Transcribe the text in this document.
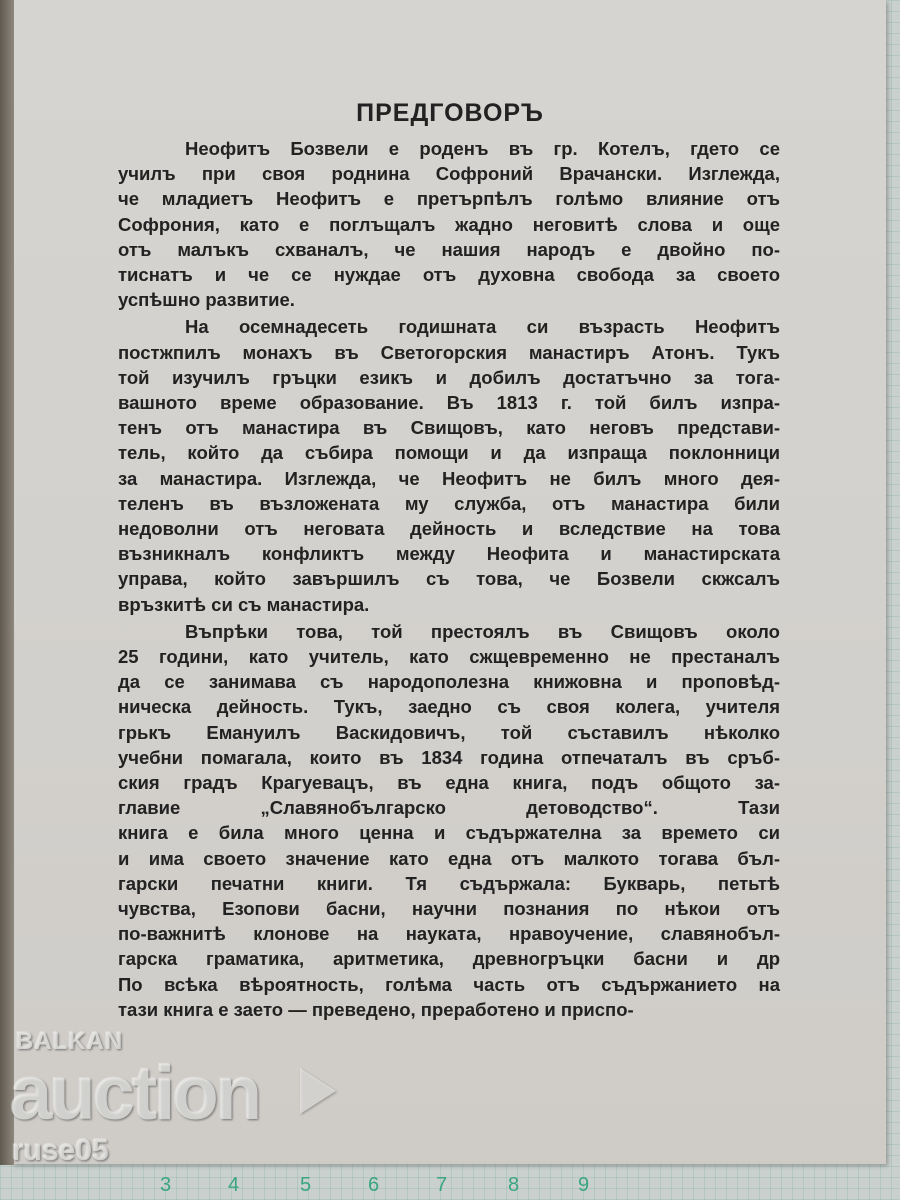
ПРЕДГОВОРЪ
Неофитъ Бозвели е роденъ въ гр. Котелъ, гдето се
училъ при своя роднина Софроний Врачански. Изглежда,
че младиетъ Неофитъ е претърпѣлъ голѣмо влияние отъ
Софрония, като е поглъщалъ жадно неговитѣ слова и още
отъ малъкъ схваналъ, че нашия народъ е двойно по-
тиснатъ и че се нуждае отъ духовна свобода за своето
успѣшно развитие.
На осемнадесеть годишната си възрасть Неофитъ
постжпилъ монахъ въ Светогорския манастиръ Атонъ. Тукъ
той изучилъ гръцки езикъ и добилъ достатъчно за тога-
вашното време образование. Въ 1813 г. той билъ изпра-
тенъ отъ манастира въ Свищовъ, като неговъ представи-
тель, който да събира помощи и да изпраща поклонници
за манастира. Изглежда, че Неофитъ не билъ много дея-
теленъ въ възложената му служба, отъ манастира били
недоволни отъ неговата дейность и вследствие на това
възникналъ конфликтъ между Неофита и манастирската
управа, който завършилъ съ това, че Бозвели скжсалъ
връзкитѣ си съ манастира.
Въпрѣки това, той престоялъ въ Свищовъ около
25 години, като учитель, като сжщевременно не престаналъ
да се занимава съ народополезна книжовна и проповѣд-
ническа дейность. Тукъ, заедно съ своя колега, учителя
грькъ Емануилъ Васкидовичъ, той съставилъ нѣколко
учебни помагала, които въ 1834 година отпечаталъ въ сръб-
ския градъ Крагуевацъ, въ една книга, подъ общото за-
главие „Славянобългарско детоводство“. Тази
книга е била много ценна и съдържателна за времето си
и има своето значение като една отъ малкото тогава бъл-
гарски печатни книги. Тя съдържала: Букварь, петьтѣ
чувства, Езопови басни, научни познания по нѣкои отъ
по-важнитѣ клонове на науката, нравоучение, славянобъл-
гарска граматика, аритметика, древногръцки басни и др
По всѣка вѣроятность, голѣма часть отъ съдържанието на
тази книга е заето — преведено, преработено и приспо-
BALKAN
auction
ruse05
3	4	5	6	7	8	9
